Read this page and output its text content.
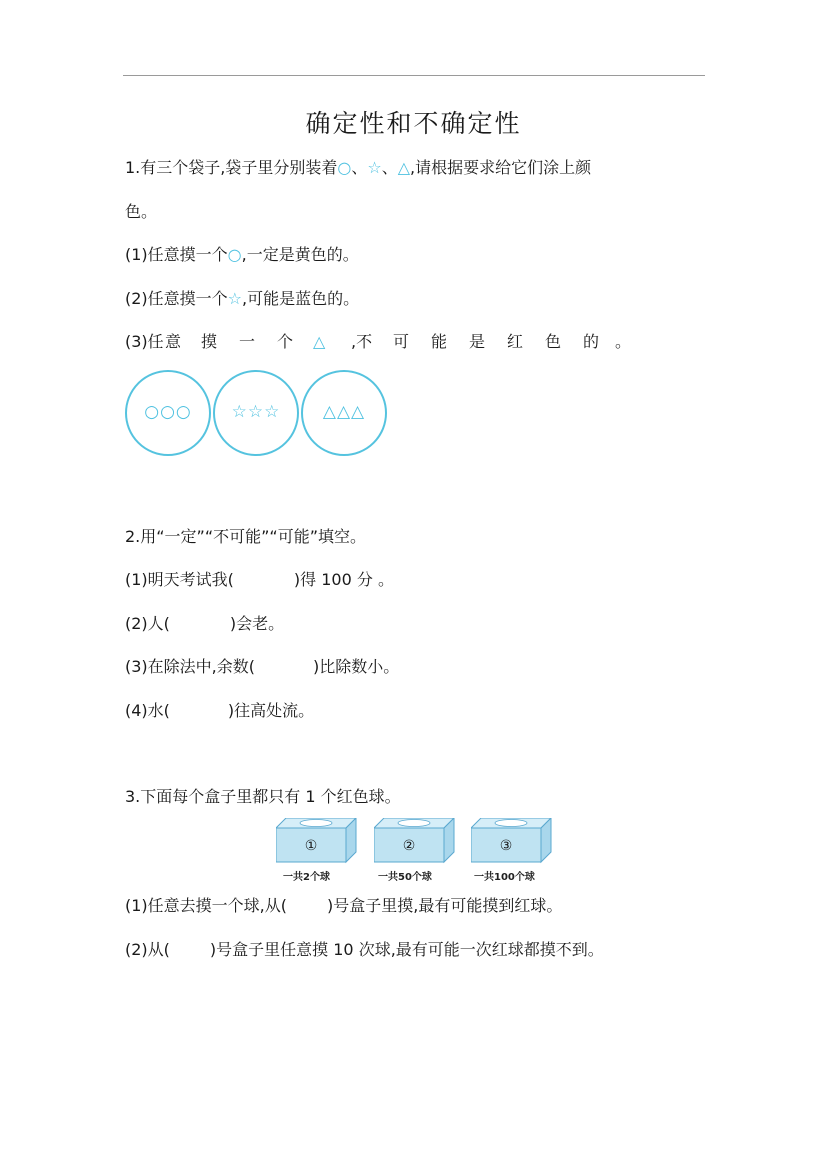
确定性和不确定性
1.有三个袋子,袋子里分别装着○、☆、△,请根据要求给它们涂上颜
色。
(1)任意摸一个○,一定是黄色的。
(2)任意摸一个☆,可能是蓝色的。
(3)任意 摸 一 个 △ ,不 可 能 是 红 色 的 。
○○○	☆☆☆	△△△
2.用“一定”“不可能”“可能”填空。
(1)明天考试我(	)得 100 分 。
(2)人(	)会老。
(3)在除法中,余数(	)比除数小。
(4)水(	)往高处流。
3.下面每个盒子里都只有 1 个红色球。
①	②	③
一共2个球	一共50个球	一共100个球
(1)任意去摸一个球,从(	)号盒子里摸,最有可能摸到红球。
(2)从(	)号盒子里任意摸 10 次球,最有可能一次红球都摸不到。
